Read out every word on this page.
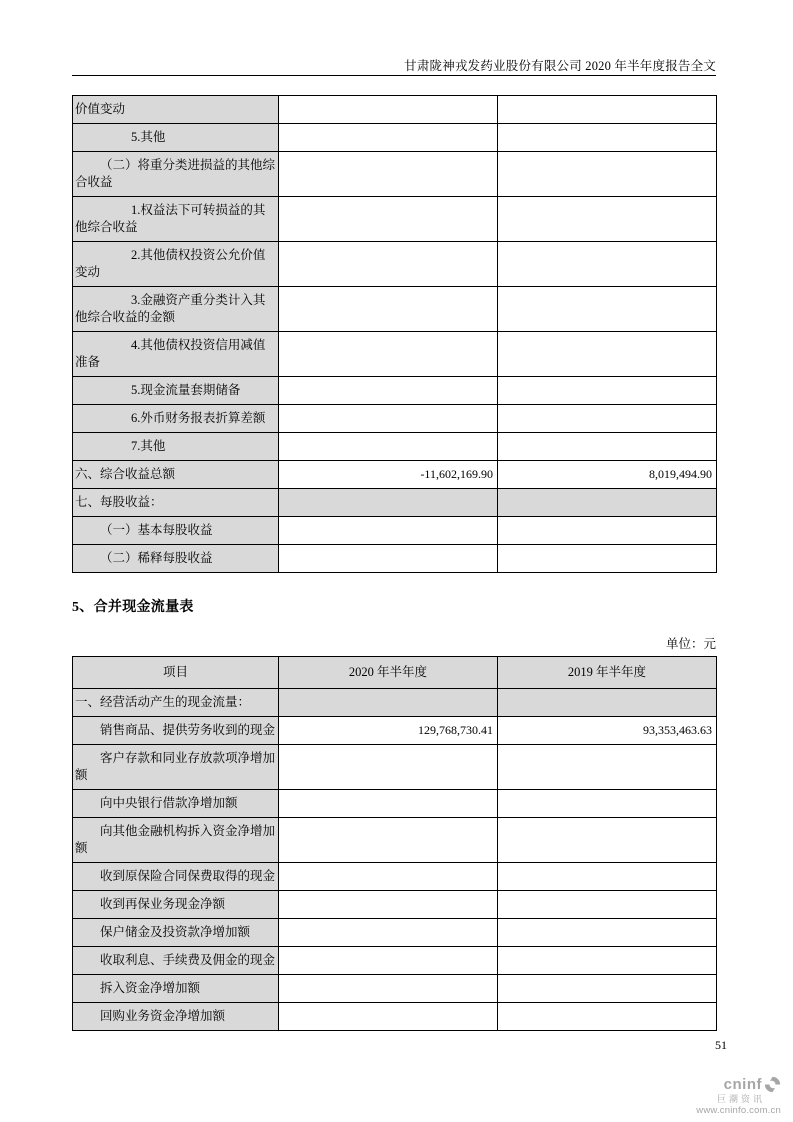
甘肃陇神戎发药业股份有限公司 2020 年半年度报告全文
价值变动		
5.其他		
（二）将重分类进损益的其他综合收益		
1.权益法下可转损益的其他综合收益		
2.其他债权投资公允价值变动		
3.金融资产重分类计入其他综合收益的金额		
4.其他债权投资信用减值准备		
5.现金流量套期储备		
6.外币财务报表折算差额		
7.其他		
六、综合收益总额	-11,602,169.90	8,019,494.90
七、每股收益：		
（一）基本每股收益		
（二）稀释每股收益		
5、合并现金流量表
单位：元
项目	2020 年半年度	2019 年半年度
一、经营活动产生的现金流量：		
销售商品、提供劳务收到的现金	129,768,730.41	93,353,463.63
客户存款和同业存放款项净增加额		
向中央银行借款净增加额		
向其他金融机构拆入资金净增加额		
收到原保险合同保费取得的现金		
收到再保业务现金净额		
保户储金及投资款净增加额		
收取利息、手续费及佣金的现金		
拆入资金净增加额		
回购业务资金净增加额		
51
cninf
巨潮资讯
www.cninfo.com.cn
